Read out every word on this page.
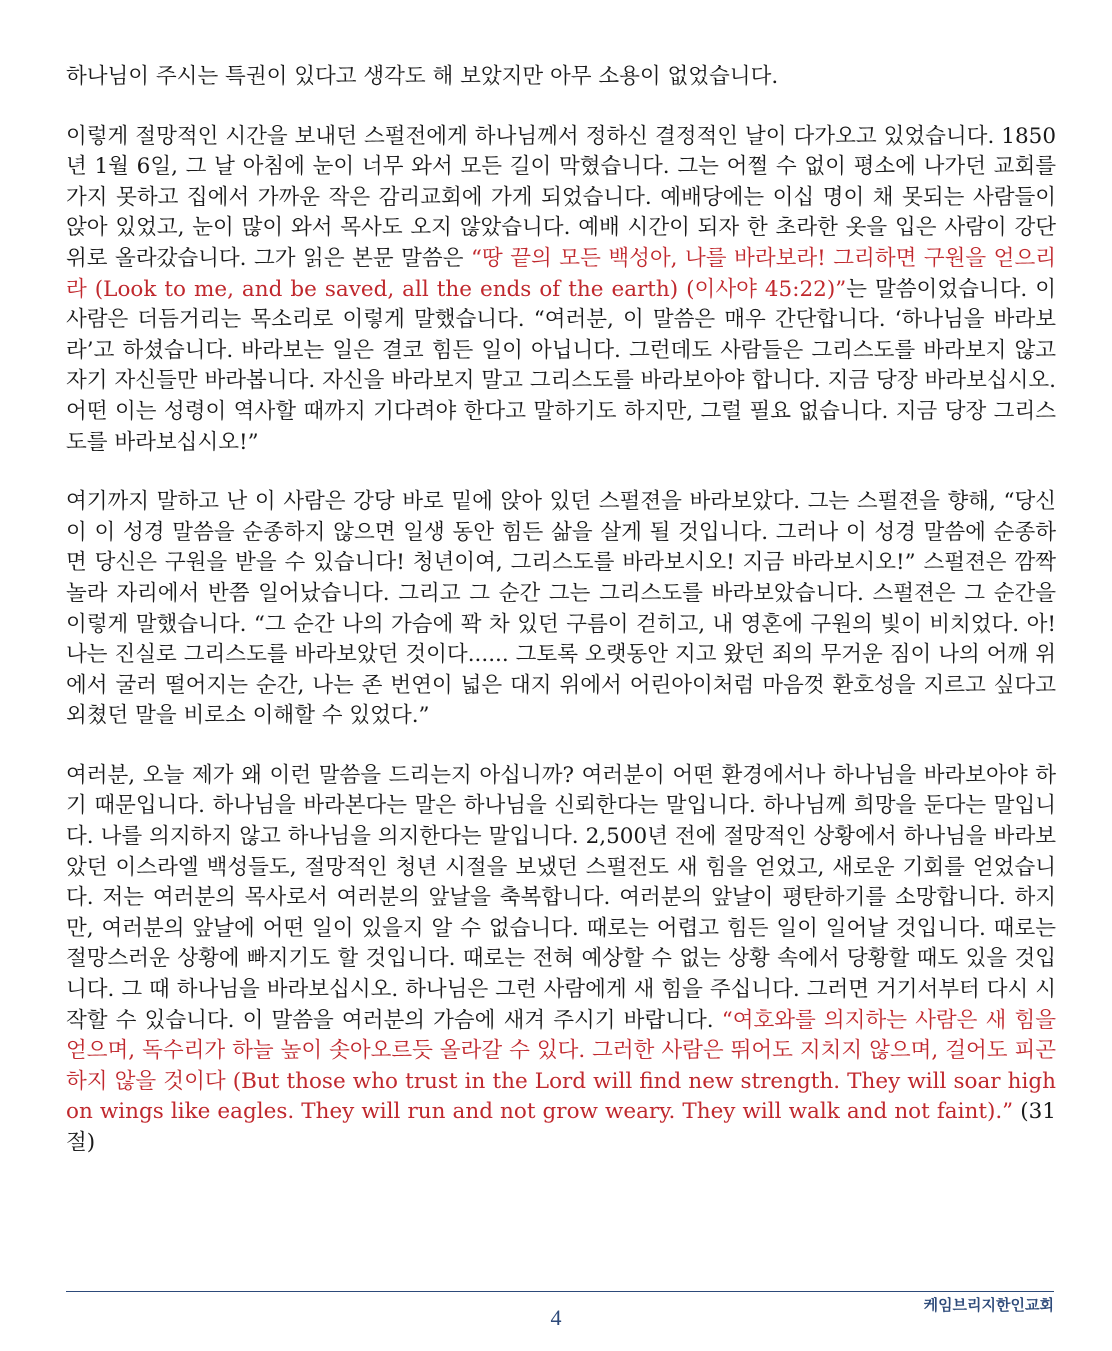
하나님이 주시는 특권이 있다고 생각도 해 보았지만 아무 소용이 없었습니다.

이렇게 절망적인 시간을 보내던 스펄전에게 하나님께서 정하신 결정적인 날이 다가오고 있었습니다. 1850년 1월 6일, 그 날 아침에 눈이 너무 와서 모든 길이 막혔습니다. 그는 어쩔 수 없이 평소에 나가던 교회를 가지 못하고 집에서 가까운 작은 감리교회에 가게 되었습니다. 예배당에는 이십 명이 채 못되는 사람들이 앉아 있었고, 눈이 많이 와서 목사도 오지 않았습니다. 예배 시간이 되자 한 초라한 옷을 입은 사람이 강단 위로 올라갔습니다. 그가 읽은 본문 말씀은 “땅 끝의 모든 백성아, 나를 바라보라! 그리하면 구원을 얻으리라 (Look to me, and be saved, all the ends of the earth) (이사야 45:22)”는 말씀이었습니다. 이 사람은 더듬거리는 목소리로 이렇게 말했습니다. “여러분, 이 말씀은 매우 간단합니다. ‘하나님을 바라보라’고 하셨습니다. 바라보는 일은 결코 힘든 일이 아닙니다. 그런데도 사람들은 그리스도를 바라보지 않고 자기 자신들만 바라봅니다. 자신을 바라보지 말고 그리스도를 바라보아야 합니다. 지금 당장 바라보십시오. 어떤 이는 성령이 역사할 때까지 기다려야 한다고 말하기도 하지만, 그럴 필요 없습니다. 지금 당장 그리스도를 바라보십시오!”

여기까지 말하고 난 이 사람은 강당 바로 밑에 앉아 있던 스펄젼을 바라보았다. 그는 스펄젼을 향해, “당신이 이 성경 말씀을 순종하지 않으면 일생 동안 힘든 삶을 살게 될 것입니다. 그러나 이 성경 말씀에 순종하면 당신은 구원을 받을 수 있습니다! 청년이여, 그리스도를 바라보시오! 지금 바라보시오!” 스펄젼은 깜짝 놀라 자리에서 반쯤 일어났습니다. 그리고 그 순간 그는 그리스도를 바라보았습니다. 스펄젼은 그 순간을 이렇게 말했습니다. “그 순간 나의 가슴에 꽉 차 있던 구름이 걷히고, 내 영혼에 구원의 빛이 비치었다. 아! 나는 진실로 그리스도를 바라보았던 것이다...... 그토록 오랫동안 지고 왔던 죄의 무거운 짐이 나의 어깨 위에서 굴러 떨어지는 순간, 나는 존 번연이 넓은 대지 위에서 어린아이처럼 마음껏 환호성을 지르고 싶다고 외쳤던 말을 비로소 이해할 수 있었다.”

여러분, 오늘 제가 왜 이런 말씀을 드리는지 아십니까? 여러분이 어떤 환경에서나 하나님을 바라보아야 하기 때문입니다. 하나님을 바라본다는 말은 하나님을 신뢰한다는 말입니다. 하나님께 희망을 둔다는 말입니다. 나를 의지하지 않고 하나님을 의지한다는 말입니다. 2,500년 전에 절망적인 상황에서 하나님을 바라보았던 이스라엘 백성들도, 절망적인 청년 시절을 보냈던 스펄전도 새 힘을 얻었고, 새로운 기회를 얻었습니다. 저는 여러분의 목사로서 여러분의 앞날을 축복합니다. 여러분의 앞날이 평탄하기를 소망합니다. 하지만, 여러분의 앞날에 어떤 일이 있을지 알 수 없습니다. 때로는 어렵고 힘든 일이 일어날 것입니다. 때로는 절망스러운 상황에 빠지기도 할 것입니다. 때로는 전혀 예상할 수 없는 상황 속에서 당황할 때도 있을 것입니다. 그 때 하나님을 바라보십시오. 하나님은 그런 사람에게 새 힘을 주십니다. 그러면 거기서부터 다시 시작할 수 있습니다. 이 말씀을 여러분의 가슴에 새겨 주시기 바랍니다. “여호와를 의지하는 사람은 새 힘을 얻으며, 독수리가 하늘 높이 솟아오르듯 올라갈 수 있다. 그러한 사람은 뛰어도 지치지 않으며, 걸어도 피곤하지 않을 것이다 (But those who trust in the Lord will find new strength. They will soar high on wings like eagles. They will run and not grow weary. They will walk and not faint).” (31절)

케임브리지한인교회
4
